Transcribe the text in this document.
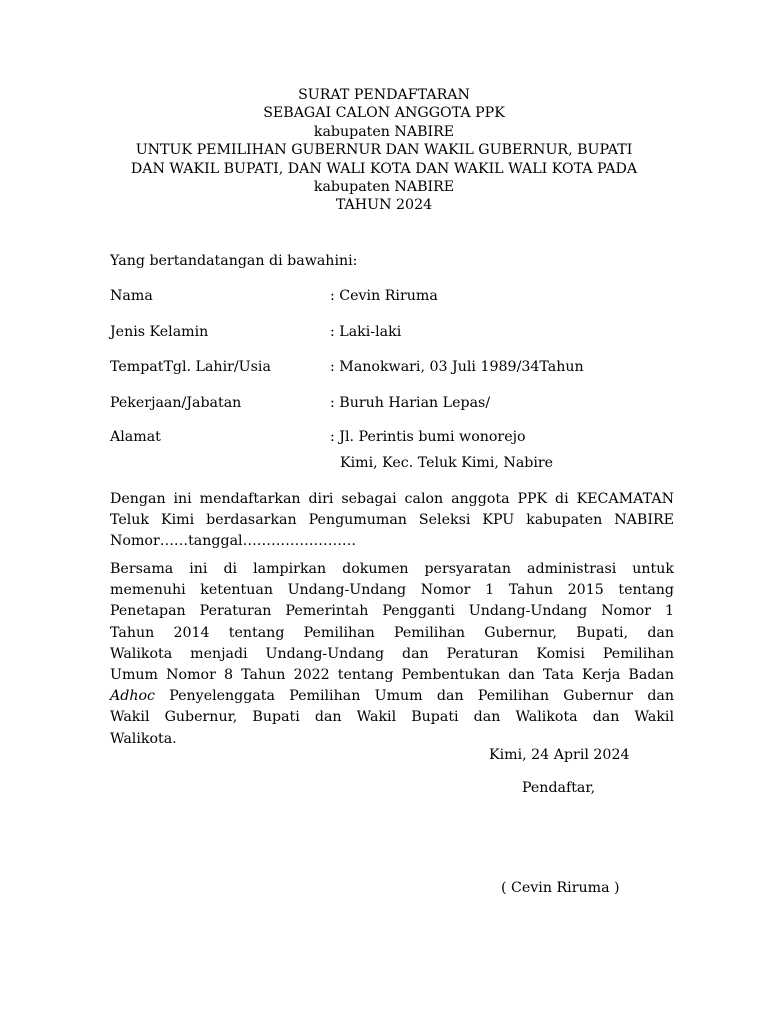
SURAT PENDAFTARAN
SEBAGAI CALON ANGGOTA PPK
kabupaten NABIRE
UNTUK PEMILIHAN GUBERNUR DAN WAKIL GUBERNUR, BUPATI
DAN WAKIL BUPATI, DAN WALI KOTA DAN WAKIL WALI KOTA PADA
kabupaten NABIRE
TAHUN 2024
Yang bertandatangan di bawahini:
Nama	: Cevin Riruma
Jenis Kelamin	: Laki-laki
TempatTgl. Lahir/Usia	: Manokwari, 03 Juli 1989/34Tahun
Pekerjaan/Jabatan	: Buruh Harian Lepas/
Alamat	: Jl. Perintis bumi wonorejo
Kimi, Kec. Teluk Kimi, Nabire
Dengan ini mendaftarkan diri sebagai calon anggota PPK di KECAMATAN
Teluk Kimi berdasarkan Pengumuman Seleksi KPU kabupaten NABIRE
Nomor……tanggal……………………
Bersama ini di lampirkan dokumen persyaratan administrasi untuk
memenuhi ketentuan Undang-Undang Nomor 1 Tahun 2015 tentang
Penetapan Peraturan Pemerintah Pengganti Undang-Undang Nomor 1
Tahun 2014 tentang Pemilihan Pemilihan Gubernur, Bupati, dan
Walikota menjadi Undang-Undang dan Peraturan Komisi Pemilihan
Umum Nomor 8 Tahun 2022 tentang Pembentukan dan Tata Kerja Badan
Adhoc Penyelenggata Pemilihan Umum dan Pemilihan Gubernur dan
Wakil Gubernur, Bupati dan Wakil Bupati dan Walikota dan Wakil
Walikota.
Kimi, 24 April 2024
Pendaftar,
( Cevin Riruma )
